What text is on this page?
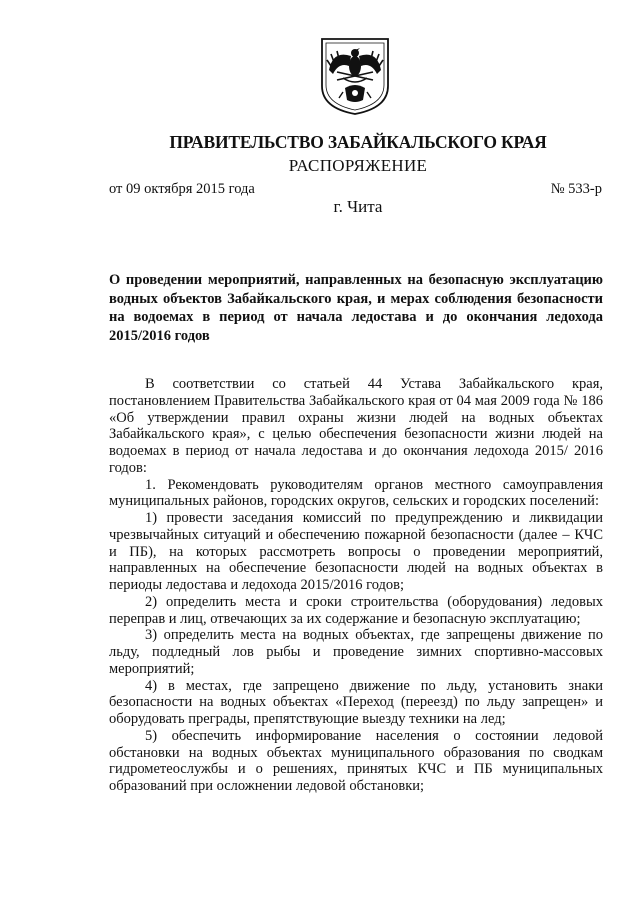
ПРАВИТЕЛЬСТВО ЗАБАЙКАЛЬСКОГО КРАЯ
РАСПОРЯЖЕНИЕ
от 09 октября 2015 года	№ 533-р
г. Чита
О проведении мероприятий, направленных на безопасную эксплуатацию водных объектов Забайкальского края, и мерах соблюдения безопасности на водоемах в период от начала ледостава и до окончания ледохода 2015/2016 годов

В соответствии со статьей 44 Устава Забайкальского края, постановлением Правительства Забайкальского края от 04 мая 2009 года № 186 «Об утверждении правил охраны жизни людей на водных объектах Забайкальского края», с целью обеспечения безопасности жизни людей на водоемах в период от начала ледостава и до окончания ледохода 2015/ 2016 годов:

1. Рекомендовать руководителям органов местного самоуправления муниципальных районов, городских округов, сельских и городских поселений:

1) провести заседания комиссий по предупреждению и ликвидации чрезвычайных ситуаций и обеспечению пожарной безопасности (далее – КЧС и ПБ), на которых рассмотреть вопросы о проведении мероприятий, направленных на обеспечение безопасности людей на водных объектах в периоды ледостава и ледохода 2015/2016 годов;

2) определить места и сроки строительства (оборудования) ледовых переправ и лиц, отвечающих за их содержание и безопасную эксплуатацию;

3) определить места на водных объектах, где запрещены движение по льду, подледный лов рыбы и проведение зимних спортивно-массовых мероприятий;

4) в местах, где запрещено движение по льду, установить знаки безопасности на водных объектах «Переход (переезд) по льду запрещен» и оборудовать преграды, препятствующие выезду техники на лед;

5) обеспечить информирование населения о состоянии ледовой обстановки на водных объектах муниципального образования по сводкам гидрометеослужбы и о решениях, принятых КЧС и ПБ муниципальных образований при осложнении ледовой обстановки;
